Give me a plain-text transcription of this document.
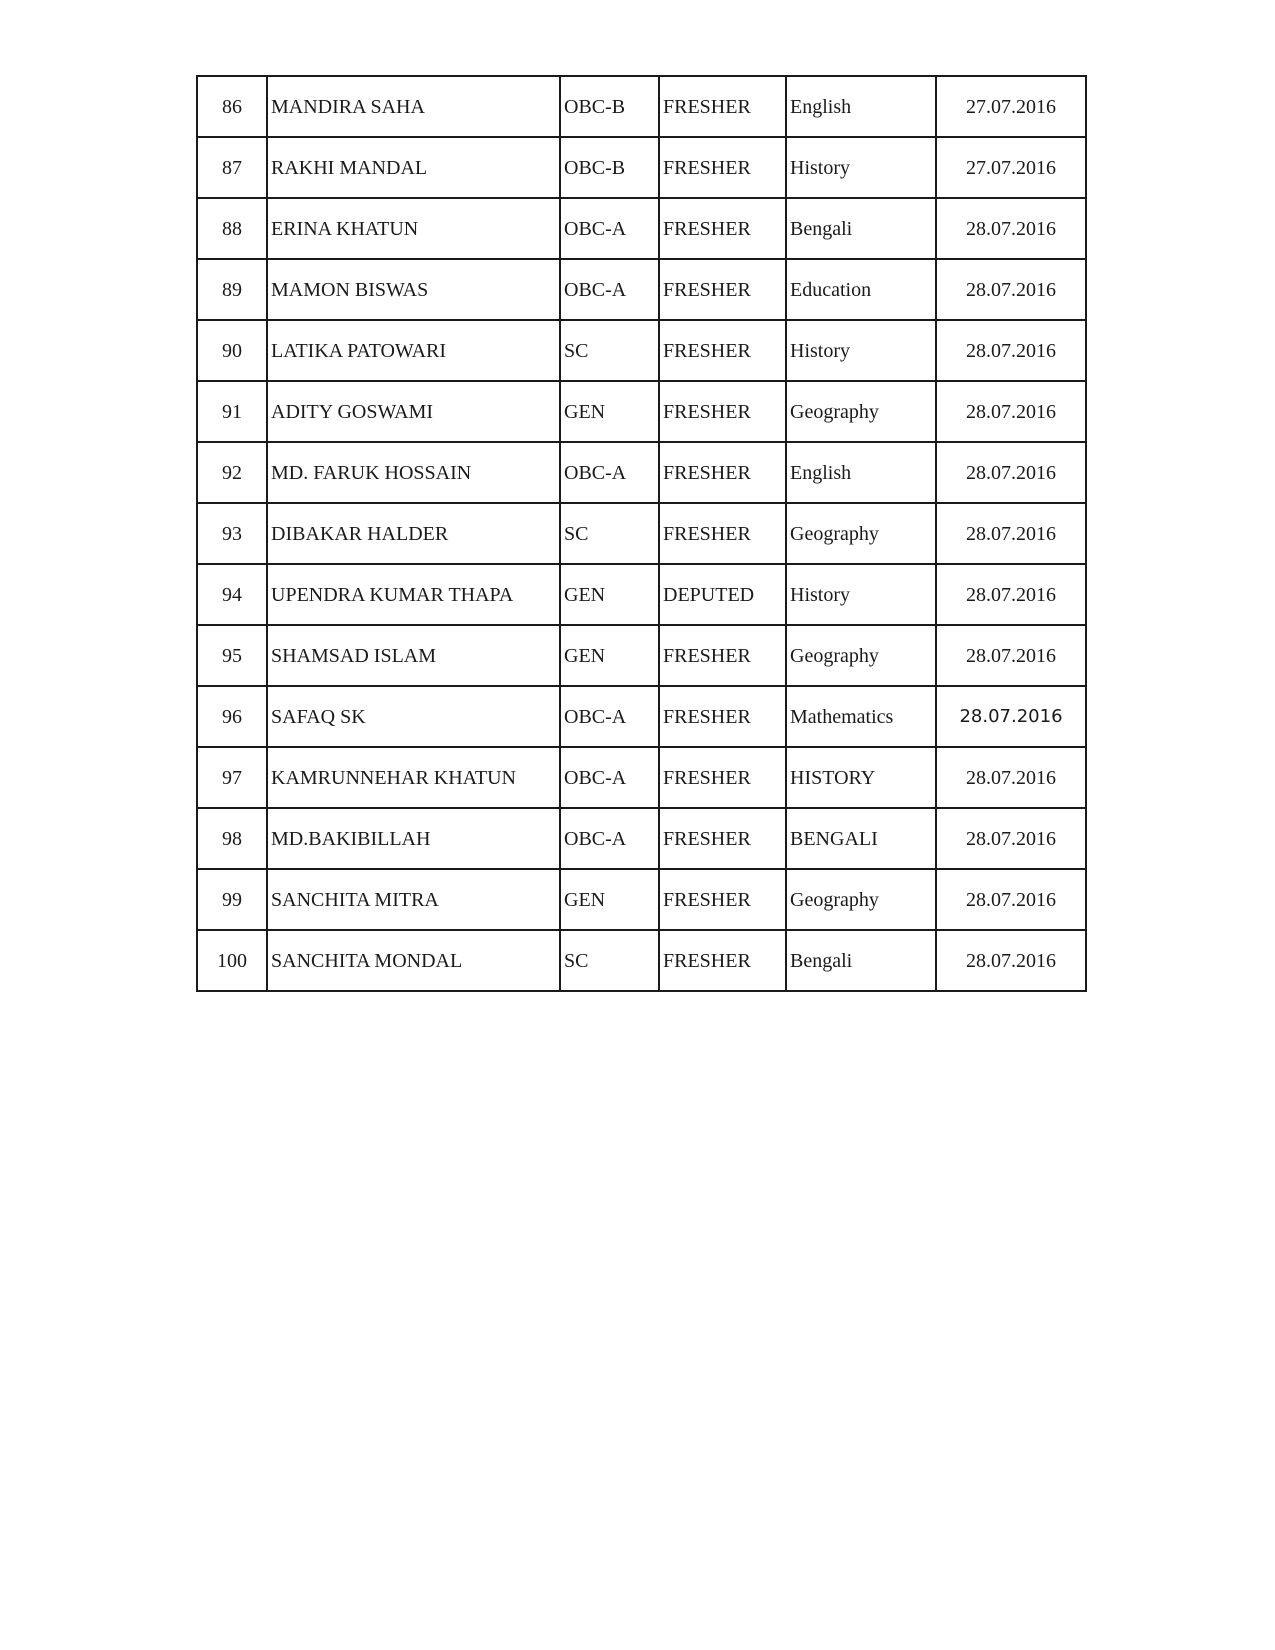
86	MANDIRA SAHA	OBC-B	FRESHER	English	27.07.2016
87	RAKHI MANDAL	OBC-B	FRESHER	History	27.07.2016
88	ERINA KHATUN	OBC-A	FRESHER	Bengali	28.07.2016
89	MAMON BISWAS	OBC-A	FRESHER	Education	28.07.2016
90	LATIKA PATOWARI	SC	FRESHER	History	28.07.2016
91	ADITY GOSWAMI	GEN	FRESHER	Geography	28.07.2016
92	MD. FARUK HOSSAIN	OBC-A	FRESHER	English	28.07.2016
93	DIBAKAR HALDER	SC	FRESHER	Geography	28.07.2016
94	UPENDRA KUMAR THAPA	GEN	DEPUTED	History	28.07.2016
95	SHAMSAD ISLAM	GEN	FRESHER	Geography	28.07.2016
96	SAFAQ SK	OBC-A	FRESHER	Mathematics	28.07.2016
97	KAMRUNNEHAR KHATUN	OBC-A	FRESHER	HISTORY	28.07.2016
98	MD.BAKIBILLAH	OBC-A	FRESHER	BENGALI	28.07.2016
99	SANCHITA MITRA	GEN	FRESHER	Geography	28.07.2016
100	SANCHITA MONDAL	SC	FRESHER	Bengali	28.07.2016
